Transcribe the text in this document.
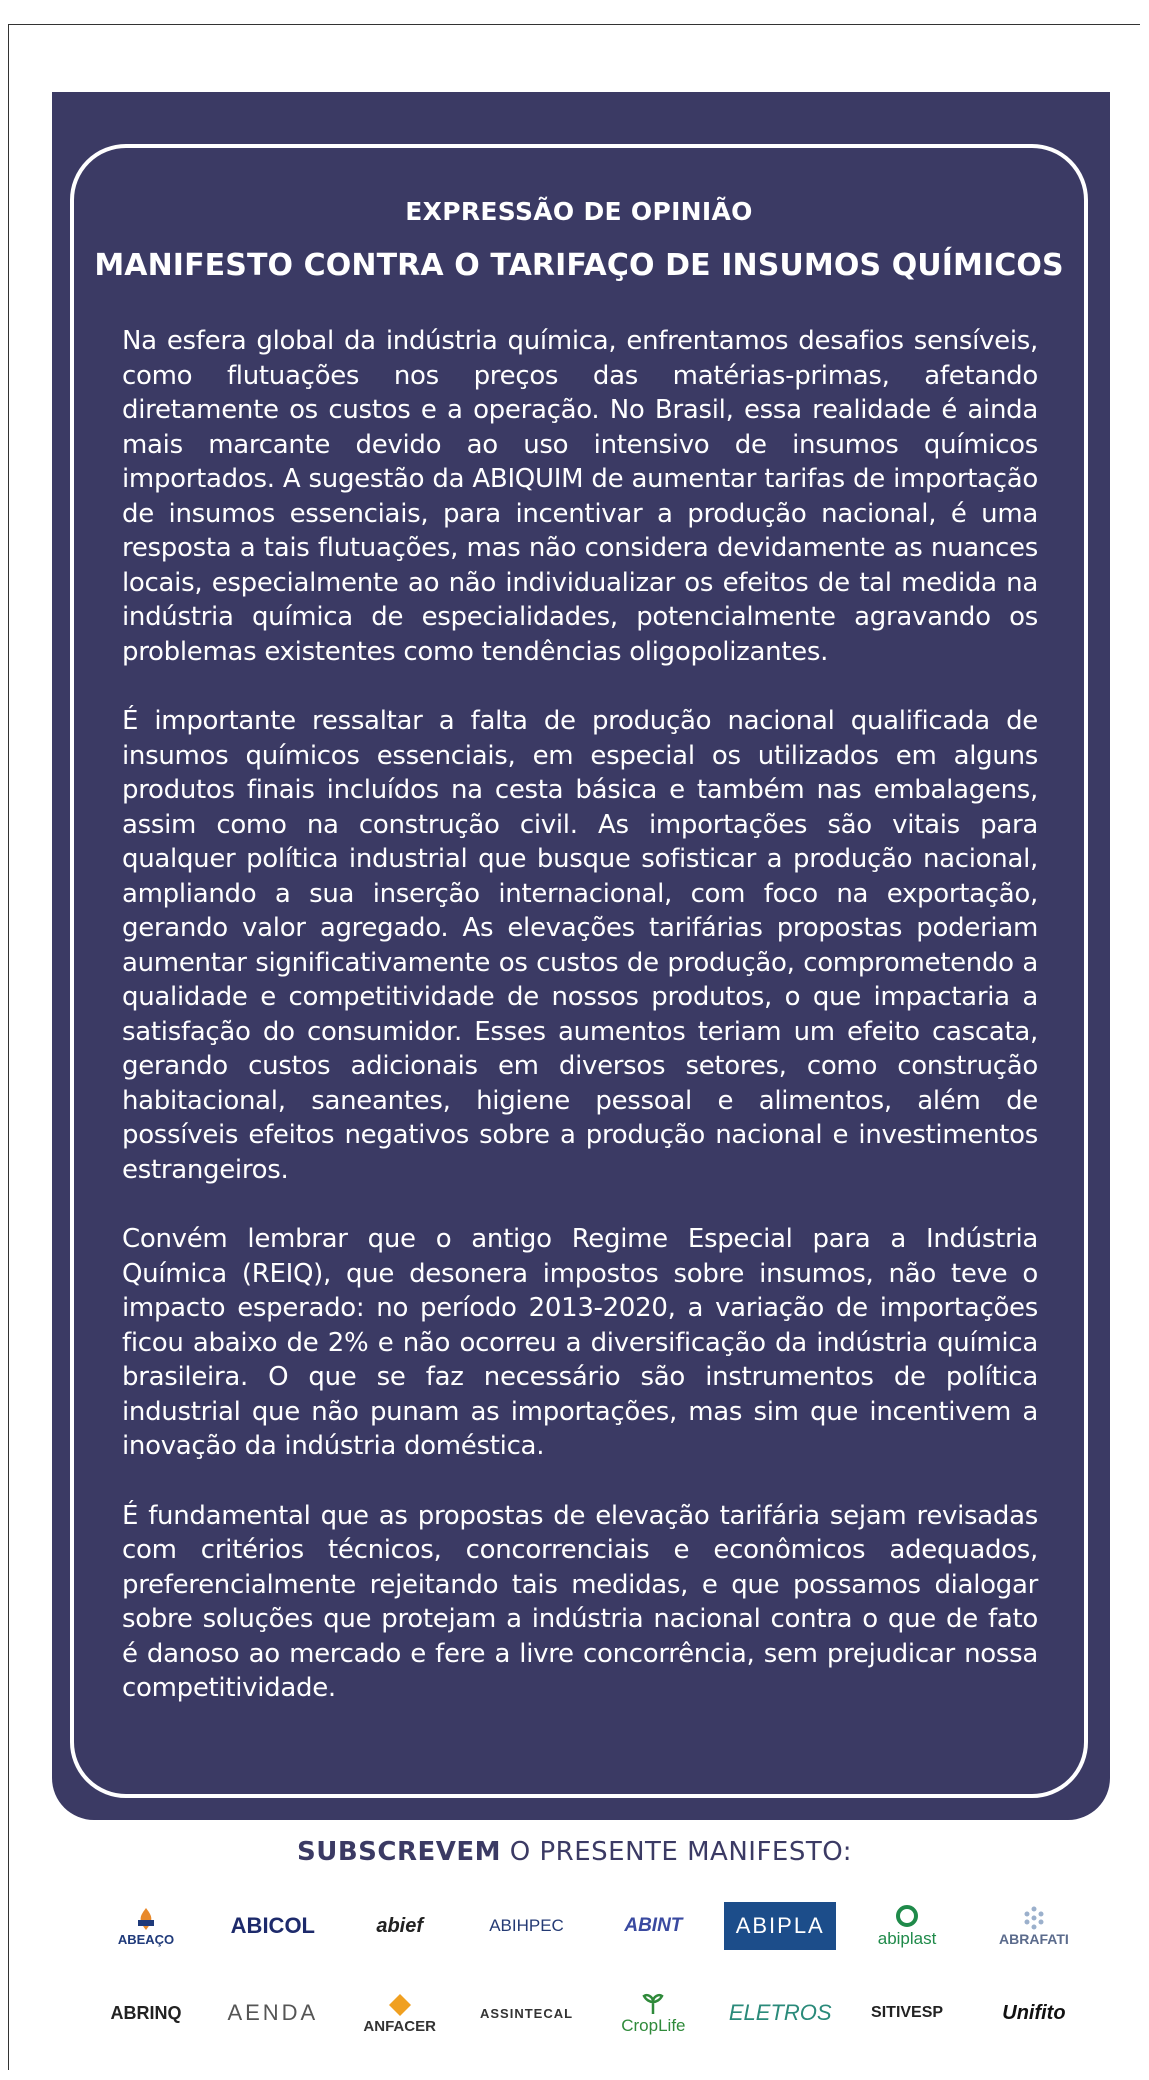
EXPRESSÃO DE OPINIÃO
MANIFESTO CONTRA O TARIFAÇO DE INSUMOS QUÍMICOS

Na esfera global da indústria química, enfrentamos desafios sensíveis, como flutuações nos preços das matérias-primas, afetando diretamente os custos e a operação. No Brasil, essa realidade é ainda mais marcante devido ao uso intensivo de insumos químicos importados. A sugestão da ABIQUIM de aumentar tarifas de importação de insumos essenciais, para incentivar a produção nacional, é uma resposta a tais flutuações, mas não considera devidamente as nuances locais, especialmente ao não individualizar os efeitos de tal medida na indústria química de especialidades, potencialmente agravando os problemas existentes como tendências oligopolizantes.

É importante ressaltar a falta de produção nacional qualificada de insumos químicos essenciais, em especial os utilizados em alguns produtos finais incluídos na cesta básica e também nas embalagens, assim como na construção civil. As importações são vitais para qualquer política industrial que busque sofisticar a produção nacional, ampliando a sua inserção internacional, com foco na exportação, gerando valor agregado. As elevações tarifárias propostas poderiam aumentar significativamente os custos de produção, comprometendo a qualidade e competitividade de nossos produtos, o que impactaria a satisfação do consumidor. Esses aumentos teriam um efeito cascata, gerando custos adicionais em diversos setores, como construção habitacional, saneantes, higiene pessoal e alimentos, além de possíveis efeitos negativos sobre a produção nacional e investimentos estrangeiros.

Convém lembrar que o antigo Regime Especial para a Indústria Química (REIQ), que desonera impostos sobre insumos, não teve o impacto esperado: no período 2013-2020, a variação de importações ficou abaixo de 2% e não ocorreu a diversificação da indústria química brasileira. O que se faz necessário são instrumentos de política industrial que não punam as importações, mas sim que incentivem a inovação da indústria doméstica.

É fundamental que as propostas de elevação tarifária sejam revisadas com critérios técnicos, concorrenciais e econômicos adequados, preferencialmente rejeitando tais medidas, e que possamos dialogar sobre soluções que protejam a indústria nacional contra o que de fato é danoso ao mercado e fere a livre concorrência, sem prejudicar nossa competitividade.

SUBSCREVEM O PRESENTE MANIFESTO:
ABEAÇO
ABICOL	abief	ABIHPEC	ABINT ABIPLA
abiplast	ABRAFATI
ABRINQ AENDA
ANFACER
ASSINTECAL
CropLife
ELETROS SITIVESP	Unifito
